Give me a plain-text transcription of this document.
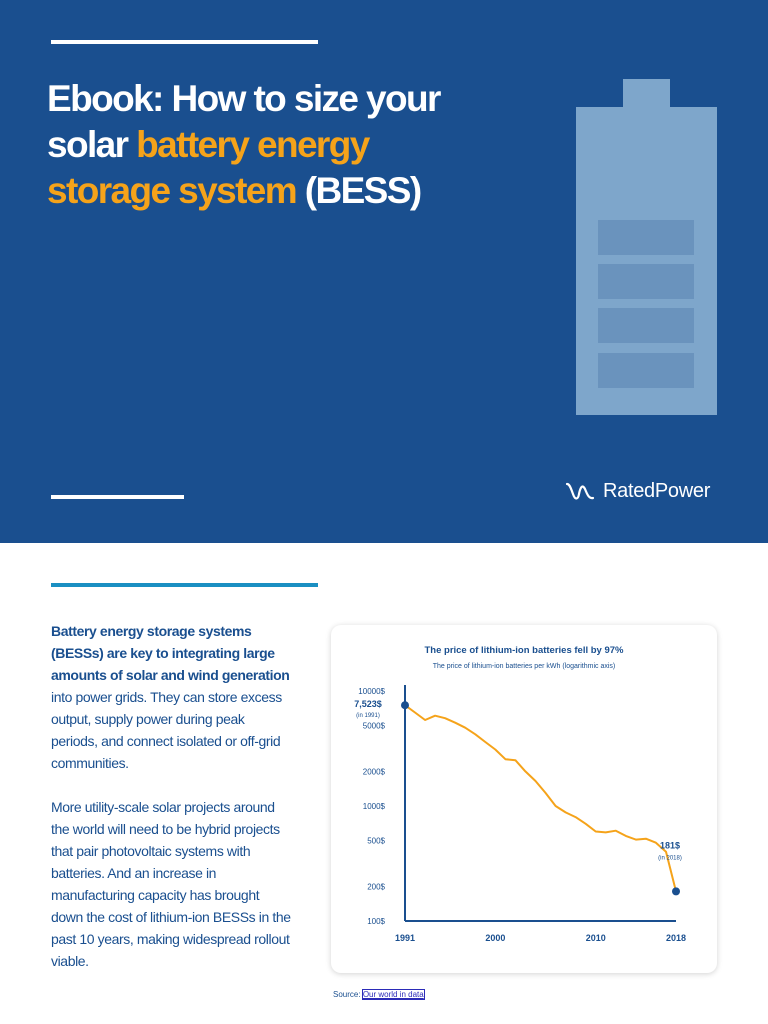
Ebook: How to size your
solar battery energy
storage system (BESS)
RatedPower

Battery energy storage systems (BESSs) are key to integrating large amounts of solar and wind generation into power grids. They can store excess output, supply power during peak periods, and connect isolated or off-grid communities.

More utility-scale solar projects around the world will need to be hybrid projects that pair photovoltaic systems with batteries. And an increase in manufacturing capacity has brought down the cost of lithium-ion BESSs in the past 10 years, making widespread rollout viable.

The price of lithium-ion batteries fell by 97%
The price of lithium-ion batteries per kWh (logarithmic axis)
10000$
5000$
2000$
1000$
500$
200$
100$
1991	2000	2010	2018
7,523$
(in 1991)
181$
(in 2018)
Source: Our world in data
